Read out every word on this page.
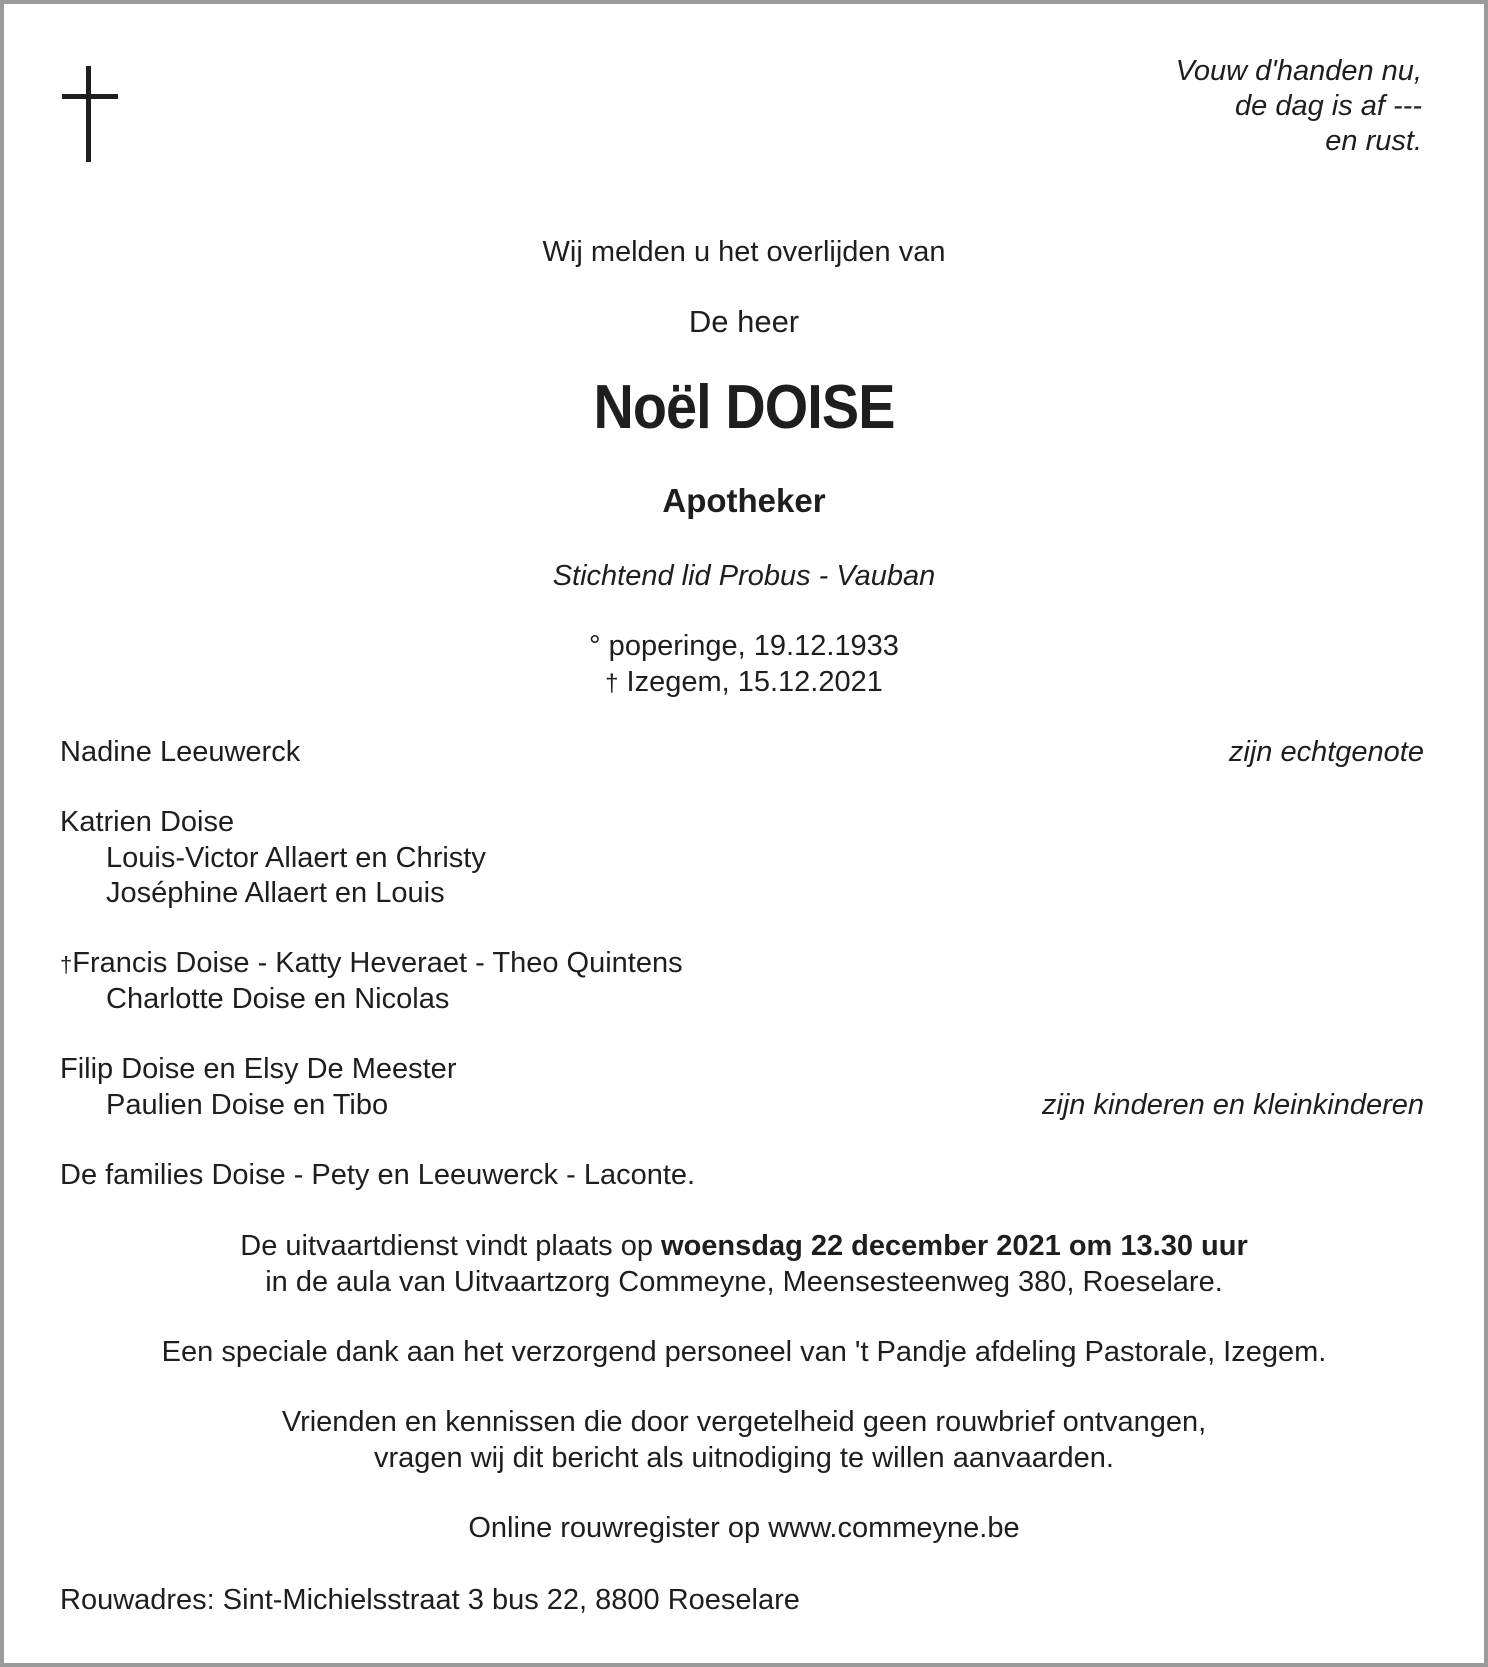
Vouw d'handen nu,
de dag is af ---
en rust.
Wij melden u het overlijden van
De heer
Noël DOISE
Apotheker
Stichtend lid Probus - Vauban
° poperinge, 19.12.1933
† Izegem, 15.12.2021
Nadine Leeuwerck	zijn echtgenote
Katrien Doise
Louis-Victor Allaert en Christy
Joséphine Allaert en Louis
†Francis Doise - Katty Heveraet - Theo Quintens
Charlotte Doise en Nicolas
Filip Doise en Elsy De Meester
Paulien Doise en Tibo	zijn kinderen en kleinkinderen
De families Doise - Pety en Leeuwerck - Laconte.
De uitvaartdienst vindt plaats op woensdag 22 december 2021 om 13.30 uur
in de aula van Uitvaartzorg Commeyne, Meensesteenweg 380, Roeselare.
Een speciale dank aan het verzorgend personeel van 't Pandje afdeling Pastorale, Izegem.
Vrienden en kennissen die door vergetelheid geen rouwbrief ontvangen,
vragen wij dit bericht als uitnodiging te willen aanvaarden.
Online rouwregister op www.commeyne.be
Rouwadres: Sint-Michielsstraat 3 bus 22, 8800 Roeselare
